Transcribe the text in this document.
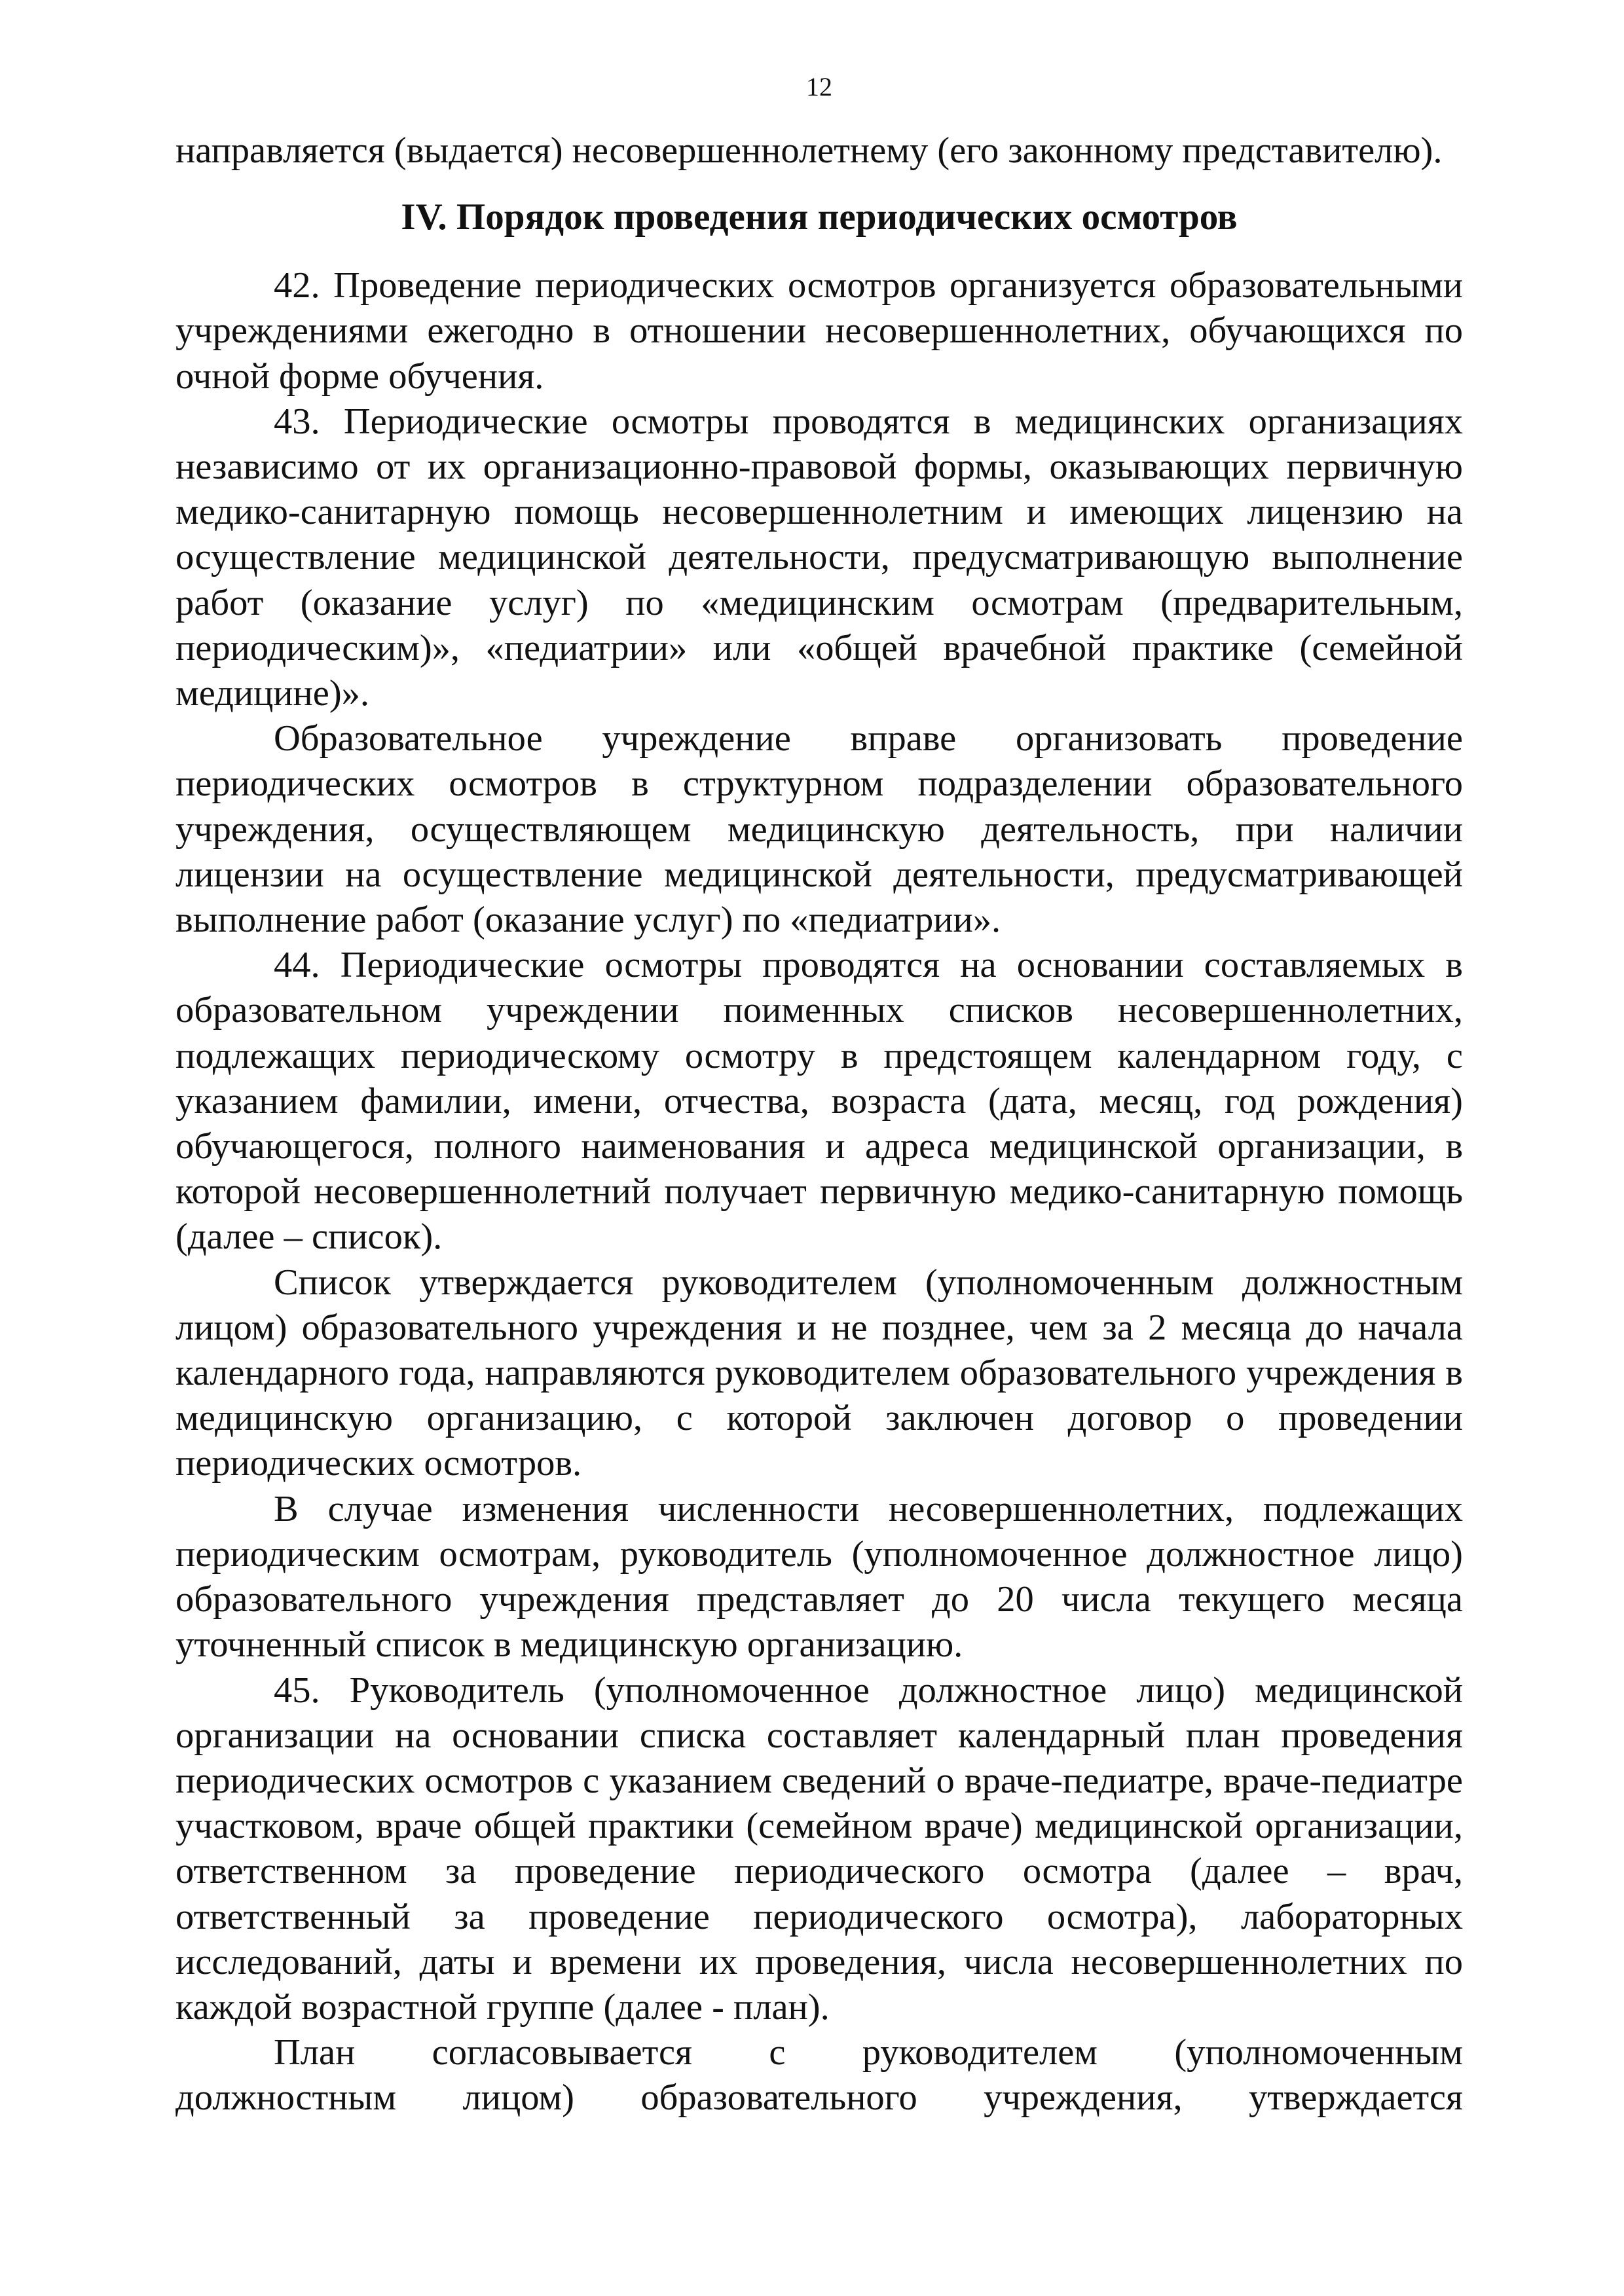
12

направляется (выдается) несовершеннолетнему (его законному представителю).

IV. Порядок проведения периодических осмотров

42. Проведение периодических осмотров организуется образовательными учреждениями ежегодно в отношении несовершеннолетних, обучающихся по очной форме обучения.

43. Периодические осмотры проводятся в медицинских организациях независимо от их организационно-правовой формы, оказывающих первичную медико-санитарную помощь несовершеннолетним и имеющих лицензию на осуществление медицинской деятельности, предусматривающую выполнение работ (оказание услуг) по «медицинским осмотрам (предварительным, периодическим)», «педиатрии» или «общей врачебной практике (семейной медицине)».

Образовательное учреждение вправе организовать проведение периодических осмотров в структурном подразделении образовательного учреждения, осуществляющем медицинскую деятельность, при наличии лицензии на осуществление медицинской деятельности, предусматривающей выполнение работ (оказание услуг) по «педиатрии».

44. Периодические осмотры проводятся на основании составляемых в образовательном учреждении поименных списков несовершеннолетних, подлежащих периодическому осмотру в предстоящем календарном году, с указанием фамилии, имени, отчества, возраста (дата, месяц, год рождения) обучающегося, полного наименования и адреса медицинской организации, в которой несовершеннолетний получает первичную медико-санитарную помощь (далее – список).

Список утверждается руководителем (уполномоченным должностным лицом) образовательного учреждения и не позднее, чем за 2 месяца до начала календарного года, направляются руководителем образовательного учреждения в медицинскую организацию, с которой заключен договор о проведении периодических осмотров.

В случае изменения численности несовершеннолетних, подлежащих периодическим осмотрам, руководитель (уполномоченное должностное лицо) образовательного учреждения представляет до 20 числа текущего месяца уточненный список в медицинскую организацию.

45. Руководитель (уполномоченное должностное лицо) медицинской организации на основании списка составляет календарный план проведения периодических осмотров с указанием сведений о враче-педиатре, враче-педиатре участковом, враче общей практики (семейном враче) медицинской организации, ответственном за проведение периодического осмотра (далее – врач, ответственный за проведение периодического осмотра), лабораторных исследований, даты и времени их проведения, числа несовершеннолетних по каждой возрастной группе (далее - план).

План согласовывается с руководителем (уполномоченным должностным лицом) образовательного учреждения, утверждается
